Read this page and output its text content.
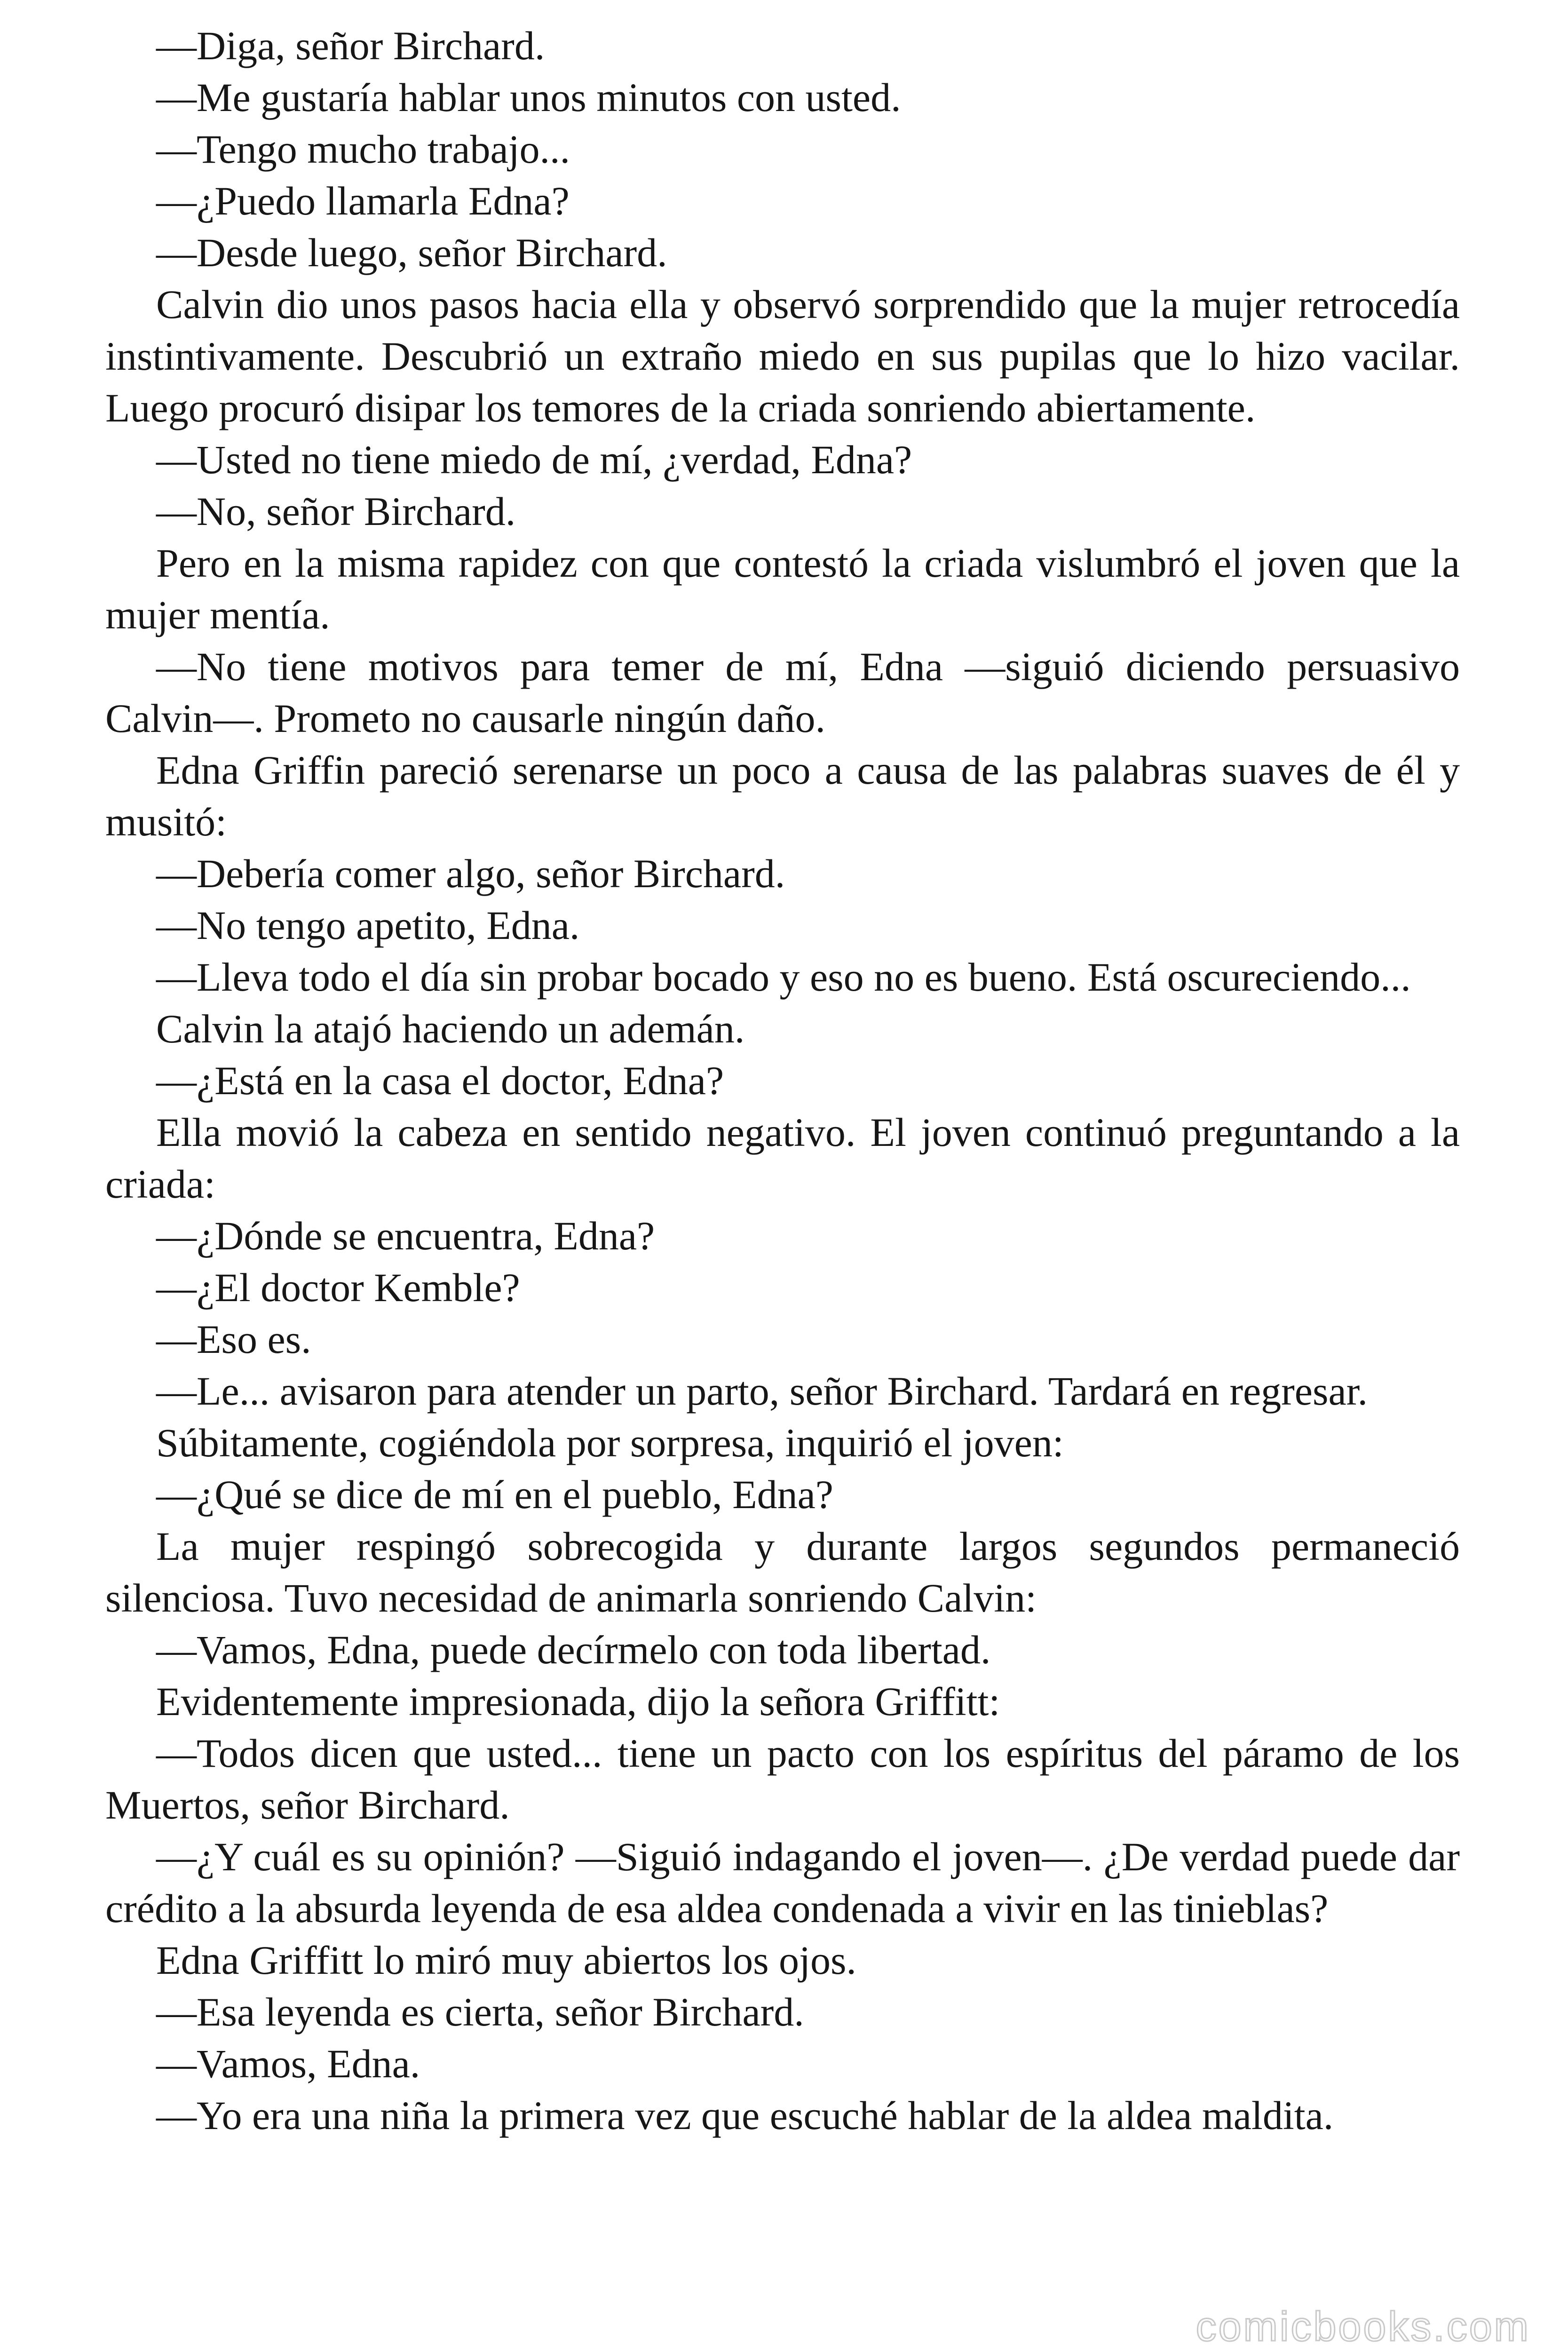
—Diga, señor Birchard.

—Me gustaría hablar unos minutos con usted.

—Tengo mucho trabajo...

—¿Puedo llamarla Edna?

—Desde luego, señor Birchard.

Calvin dio unos pasos hacia ella y observó sorprendido que la mujer retrocedía instintivamente. Descubrió un extraño miedo en sus pupilas que lo hizo vacilar. Luego procuró disipar los temores de la criada sonriendo abiertamente.

—Usted no tiene miedo de mí, ¿verdad, Edna?

—No, señor Birchard.

Pero en la misma rapidez con que contestó la criada vislumbró el joven que la mujer mentía.

—No tiene motivos para temer de mí, Edna —siguió diciendo persuasivo Calvin—. Prometo no causarle ningún daño.

Edna Griffin pareció serenarse un poco a causa de las palabras suaves de él y musitó:

—Debería comer algo, señor Birchard.

—No tengo apetito, Edna.

—Lleva todo el día sin probar bocado y eso no es bueno. Está oscureciendo...

Calvin la atajó haciendo un ademán.

—¿Está en la casa el doctor, Edna?

Ella movió la cabeza en sentido negativo. El joven continuó preguntando a la criada:

—¿Dónde se encuentra, Edna?

—¿El doctor Kemble?

—Eso es.

—Le... avisaron para atender un parto, señor Birchard. Tardará en regresar.

Súbitamente, cogiéndola por sorpresa, inquirió el joven:

—¿Qué se dice de mí en el pueblo, Edna?

La mujer respingó sobrecogida y durante largos segundos permaneció silenciosa. Tuvo necesidad de animarla sonriendo Calvin:

—Vamos, Edna, puede decírmelo con toda libertad.

Evidentemente impresionada, dijo la señora Griffitt:

—Todos dicen que usted... tiene un pacto con los espíritus del páramo de los Muertos, señor Birchard.

—¿Y cuál es su opinión? —Siguió indagando el joven—. ¿De verdad puede dar crédito a la absurda leyenda de esa aldea condenada a vivir en las tinieblas?

Edna Griffitt lo miró muy abiertos los ojos.

—Esa leyenda es cierta, señor Birchard.

—Vamos, Edna.

—Yo era una niña la primera vez que escuché hablar de la aldea maldita.

comicbooks.com
